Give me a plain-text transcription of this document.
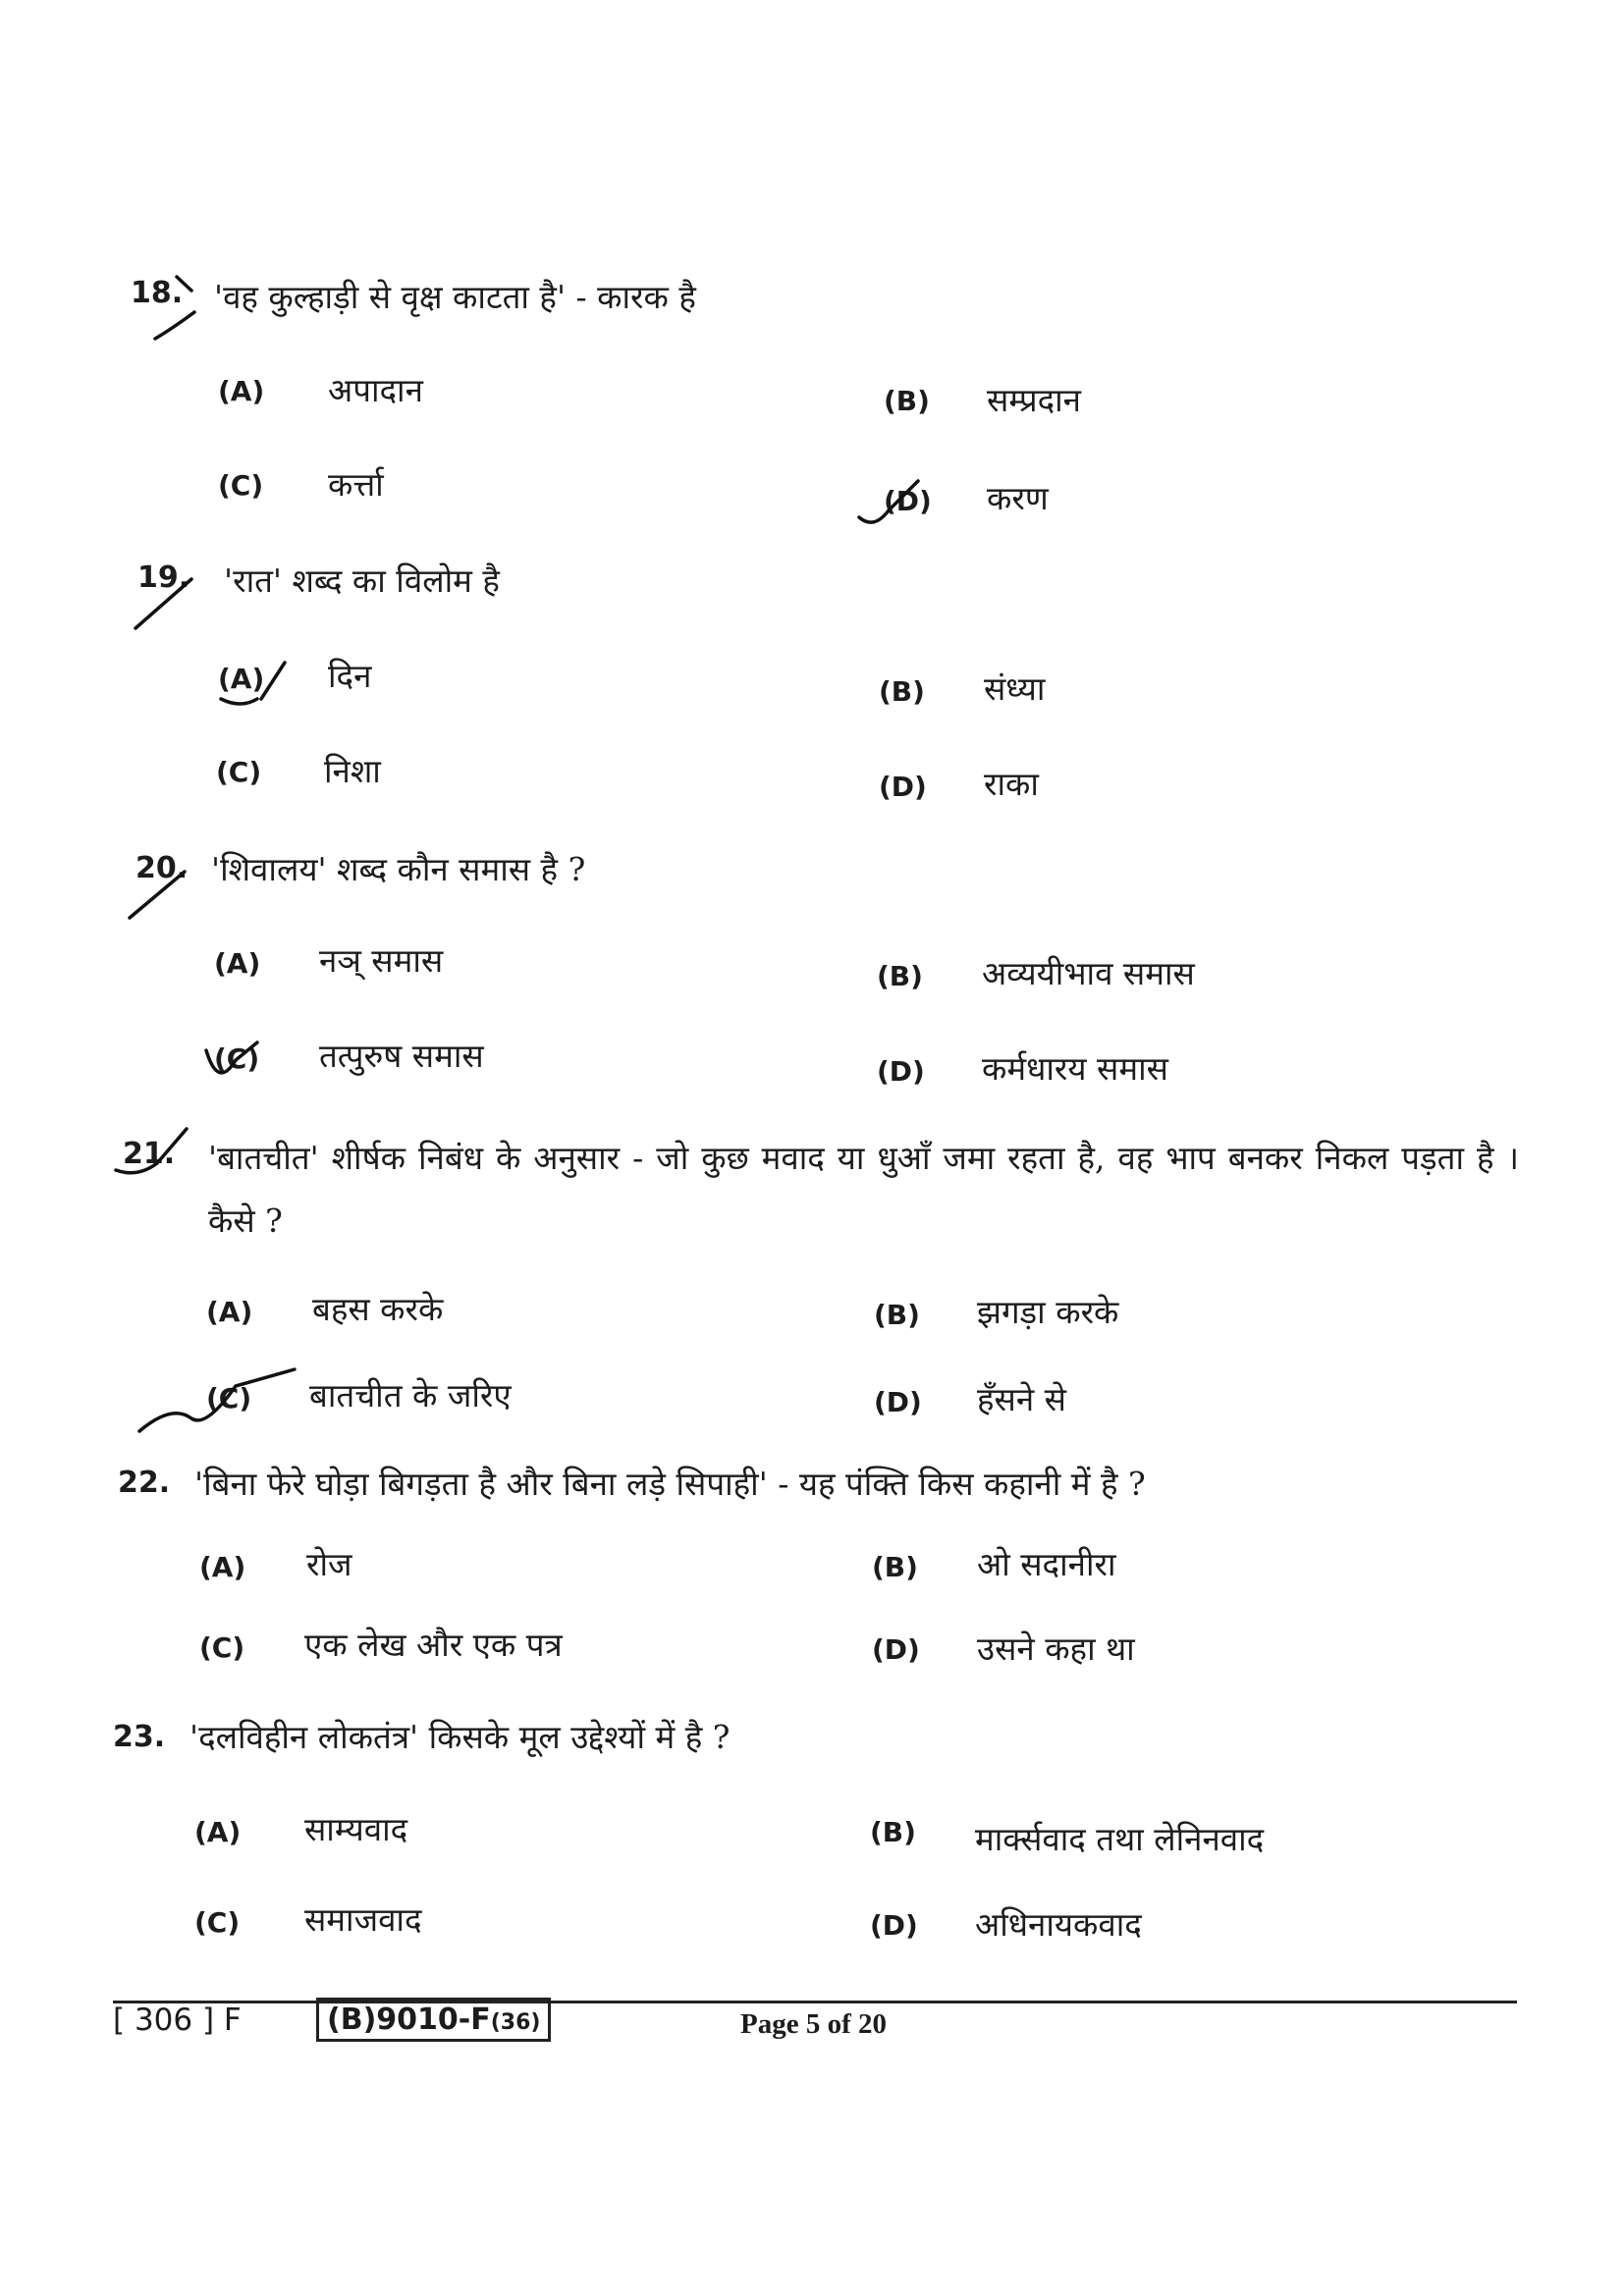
18. 'वह कुल्हाड़ी से वृक्ष काटता है' - कारक है
(A) अपादान	(B) सम्प्रदान
(C) कर्त्ता	(D) करण
19. 'रात' शब्द का विलोम है
(A) दिन	(B) संध्या
(C) निशा	(D) राका
20. 'शिवालय' शब्द कौन समास है ?
(A) नञ् समास	(B) अव्ययीभाव समास
(C) तत्पुरुष समास	(D) कर्मधारय समास
21. 'बातचीत' शीर्षक निबंध के अनुसार - जो कुछ मवाद या धुआँ जमा रहता है, वह भाप बनकर निकल पड़ता है । कैसे ?
(A) बहस करके	(B) झगड़ा करके
(C) बातचीत के जरिए	(D) हँसने से
22. 'बिना फेरे घोड़ा बिगड़ता है और बिना लड़े सिपाही' - यह पंक्ति किस कहानी में है ?
(A) रोज	(B) ओ सदानीरा
(C) एक लेख और एक पत्र	(D) उसने कहा था
23. 'दलविहीन लोकतंत्र' किसके मूल उद्देश्यों में है ?
(A) साम्यवाद	(B) मार्क्सवाद तथा लेनिनवाद
(C) समाजवाद	(D) अधिनायकवाद
[ 306 ] F	(B)9010-F(36)	Page 5 of 20
